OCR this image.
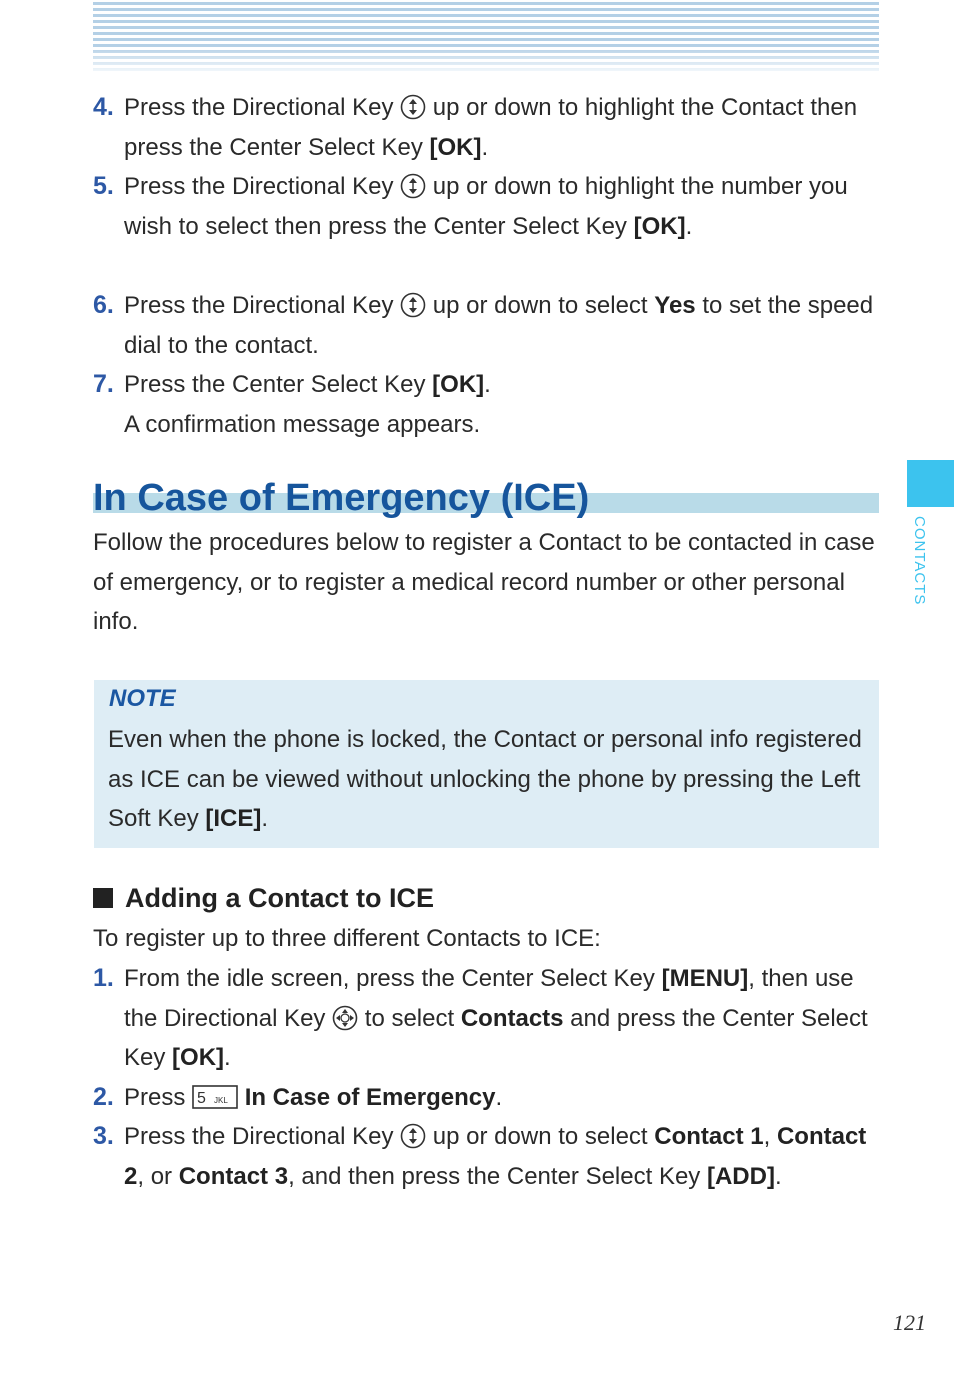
CONTACTS
4. Press the Directional Key  up or down to highlight the Contact then press the Center Select Key [OK].
5. Press the Directional Key  up or down to highlight the number you wish to select then press the Center Select Key [OK].
6. Press the Directional Key  up or down to select Yes to set the speed dial to the contact.
7. Press the Center Select Key [OK].
A confirmation message appears.
In Case of Emergency (ICE)
Follow the procedures below to register a Contact to be contacted in case of emergency, or to register a medical record number or other personal info.
NOTE
Even when the phone is locked, the Contact or personal info registered as ICE can be viewed without unlocking the phone by pressing the Left Soft Key [ICE].
Adding a Contact to ICE
To register up to three different Contacts to ICE:
1. From the idle screen, press the Center Select Key [MENU], then use the Directional Key  to select Contacts and press the Center Select Key [OK].
2. Press 5 JKL In Case of Emergency.
3. Press the Directional Key  up or down to select Contact 1, Contact 2, or Contact 3, and then press the Center Select Key [ADD].
121
